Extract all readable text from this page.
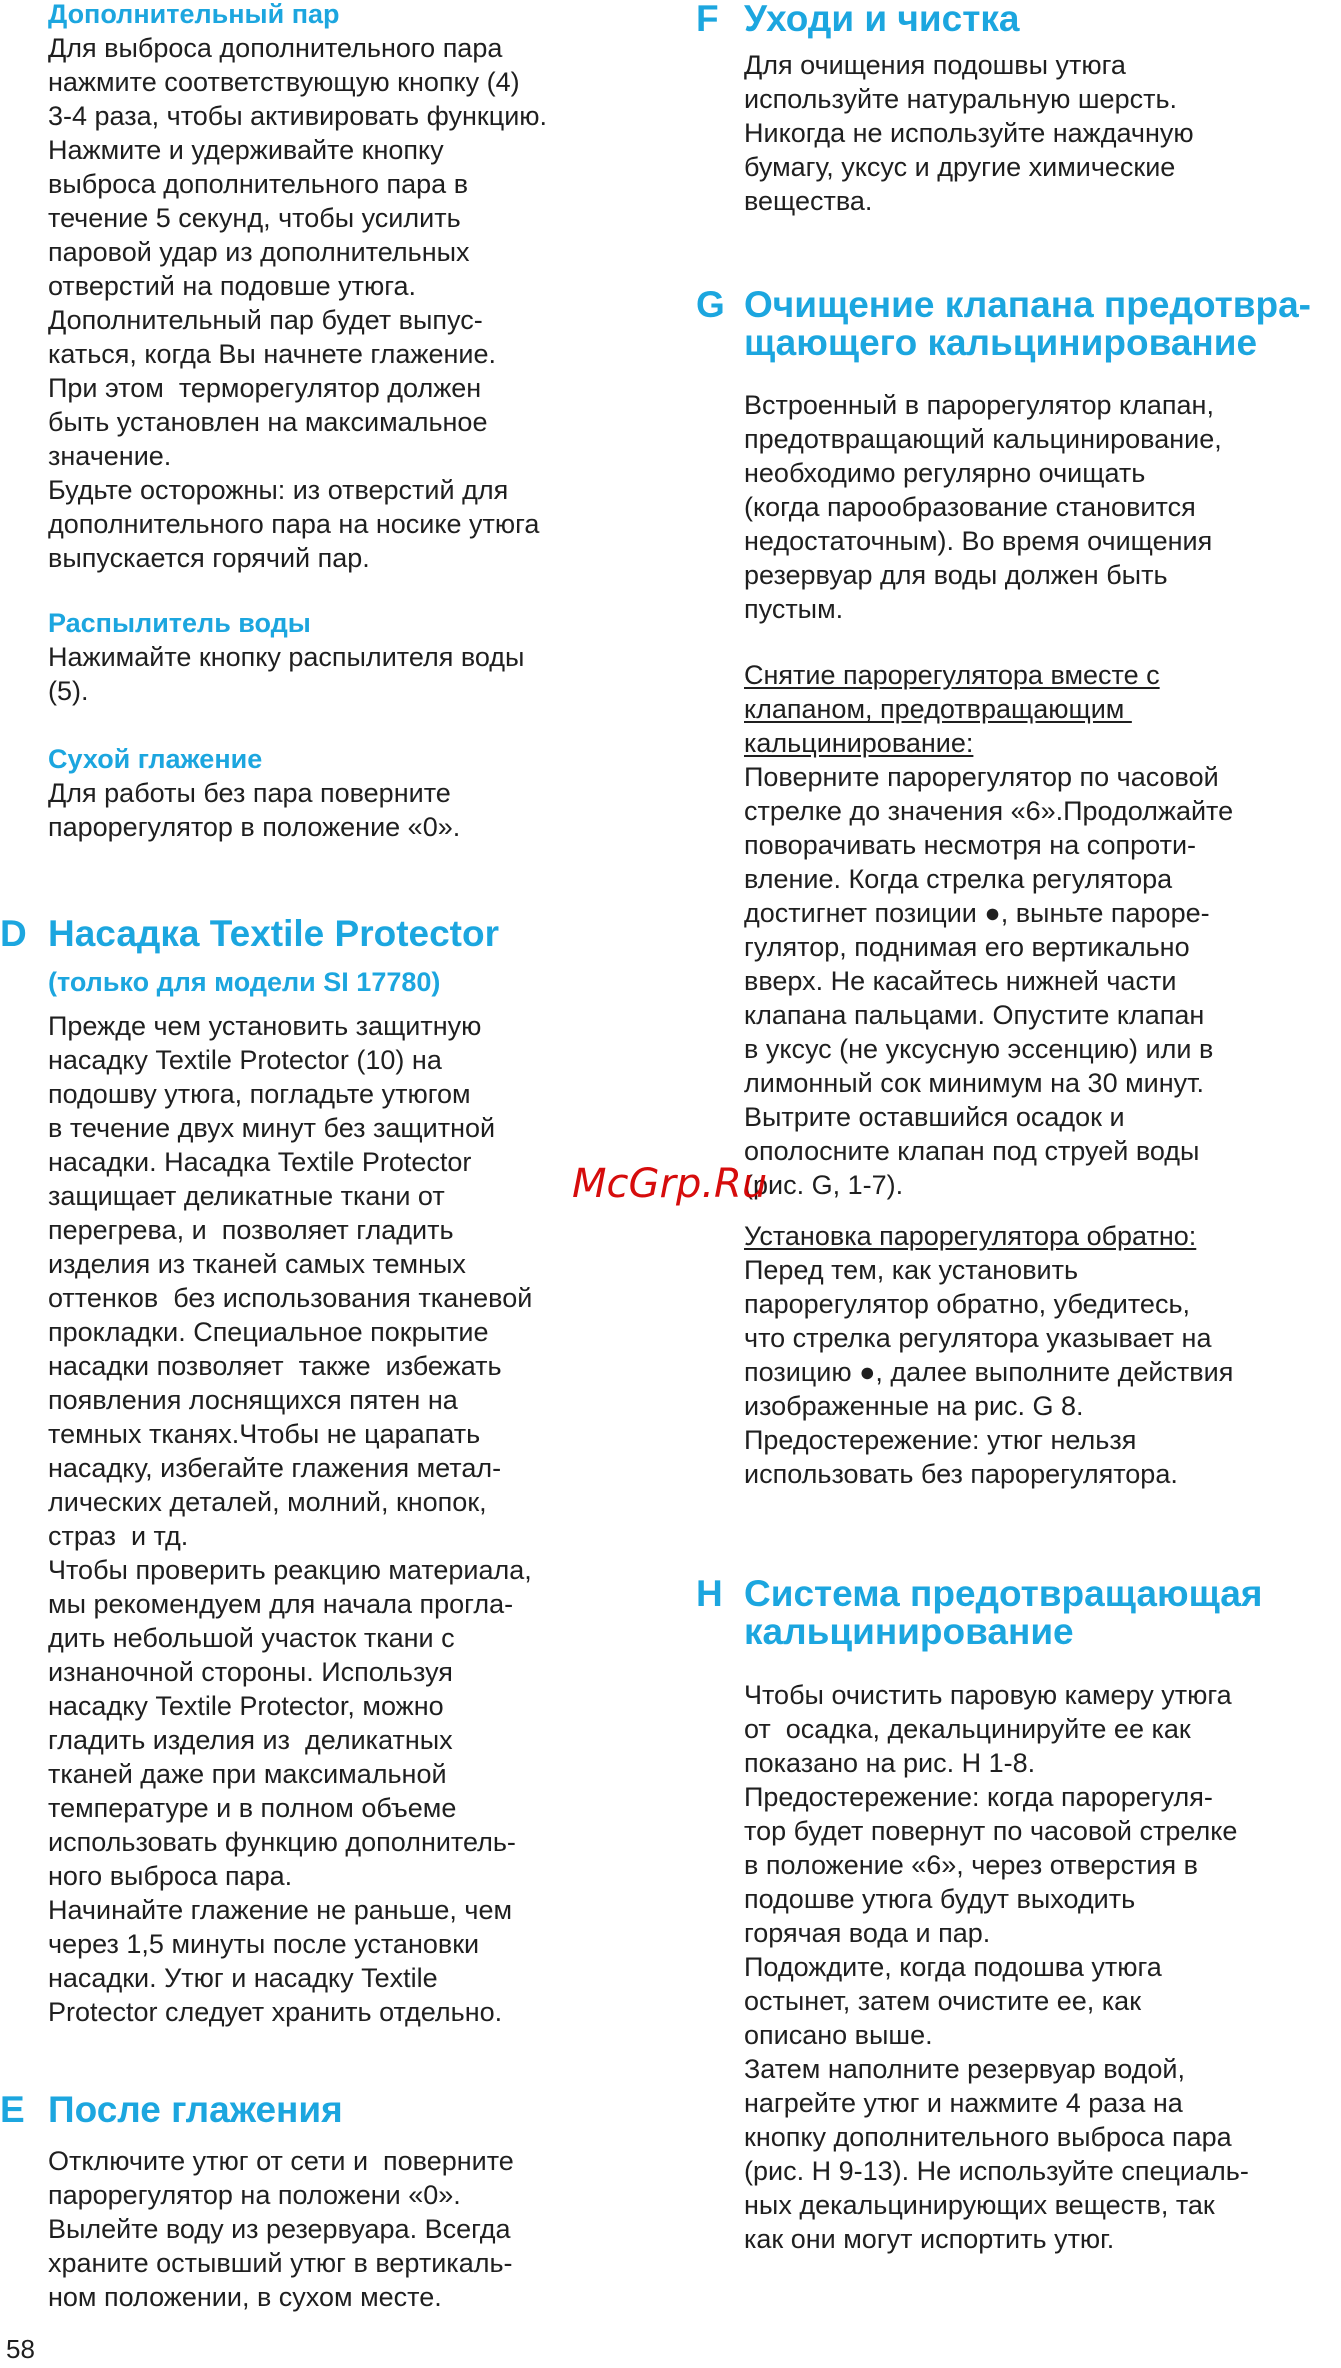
Дополнительный пар

Для выброса дополнительного пара
нажмите соответствующую кнопку (4)
3-4 раза, чтобы активировать функцию.
Нажмите и удерживайте кнопку
выброса дополнительного пара в
течение 5 секунд, чтобы усилить
паровой удар из дополнительных
отверстий на подовше утюга.
Дополнительный пар будет выпус-
каться, когда Вы начнете глажение.
При этом  терморегулятор должен
быть установлен на максимальное
значение.
Будьте осторожны: из отверстий для
дополнительного пара на носике утюга
выпускается горячий пар.

Распылитель воды

Нажимайте кнопку распылителя воды
(5).

Сухой глажение

Для работы без пара поверните
парорегулятор в положение «0».

D Насадка Textile Protector
(только для модели SI 17780)

Прежде чем установить защитную
насадку Textile Protector (10) на
подошву утюга, погладьте утюгом
в течение двух минут без защитной
насадки. Насадка Textile Protector
защищает деликатные ткани от
перегрева, и  позволяет гладить
изделия из тканей самых темных
оттенков  без использования тканевой
прокладки. Специальное покрытие
насадки позволяет  также  избежать
появления лоснящихся пятен на
темных тканях.Чтобы не царапать
насадку, избегайте глажения метал-
лических деталей, молний, кнопок,
страз  и тд.
Чтобы проверить реакцию материала,
мы рекомендуем для начала прогла-
дить небольшой участок ткани с
изнаночной стороны. Используя
насадку Textile Protector, можно
гладить изделия из  деликатных
тканей даже при максимальной
температуре и в полном объеме
использовать функцию дополнитель-
ного выброса пара.
Начинайте глажение не раньше, чем
через 1,5 минуты после установки
насадки. Утюг и насадку Textile
Protector следует хранить отдельно.

E После глажения

Отключите утюг от сети и  поверните
парорегулятор на положени «0».
Вылейте воду из резервуара. Всегда
храните остывший утюг в вертикаль-
ном положении, в сухом месте.

F Уходи и чистка

Для очищения подошвы утюга
используйте натуральную шерсть.
Никогда не используйте наждачную
бумагу, уксус и другие химические
вещества.

G

Очищение клапана предотвра-
щающего кальцинирование

Встроенный в парорегулятор клапан,
предотвращающий кальцинирование,
необходимо регулярно очищать
(когда парообразование становится
недостаточным). Во время очищения
резервуар для воды должен быть
пустым.

Снятие парорегулятора вместе с
клапаном, предотвращающим
кальцинирование:

Поверните парорегулятор по часовой
стрелке до значения «6».Продолжайте
поворачивать несмотря на сопроти-
вление. Когда стрелка регулятора
достигнет позиции ●, выньте пароре-
гулятор, поднимая его вертикально
вверх. Не касайтесь нижней части
клапана пальцами. Опустите клапан
в уксус (не уксусную эссенцию) или в
лимонный сок минимум на 30 минут.
Вытрите оставшийся осадок и
ополосните клапан под струей воды
(рис. G, 1-7).

Установка парорегулятора обратно:

Перед тем, как установить
парорегулятор обратно, убедитесь,
что стрелка регулятора указывает на
позицию ●, далее выполните действия
изображенные на рис. G 8.
Предостережение: утюг нельзя
использовать без парорегулятора.

H

Система предотвращающая
кальцинирование

Чтобы очистить паровую камеру утюга
от  осадка, декальцинируйте ее как
показано на рис. H 1-8.
Предостережение: когда парорегуля-
тор будет повернут по часовой стрелке
в положение «6», через отверстия в
подошве утюга будут выходить
горячая вода и пар.
Подождите, когда подошва утюга
остынет, затем очистите ее, как
описано выше.
Затем наполните резервуар водой,
нагрейте утюг и нажмите 4 раза на
кнопку дополнительного выброса пара
(рис. H 9-13). Не используйте специаль-
ных декальцинирующих веществ, так
как они могут испортить утюг.

McGrp.Ru
58
